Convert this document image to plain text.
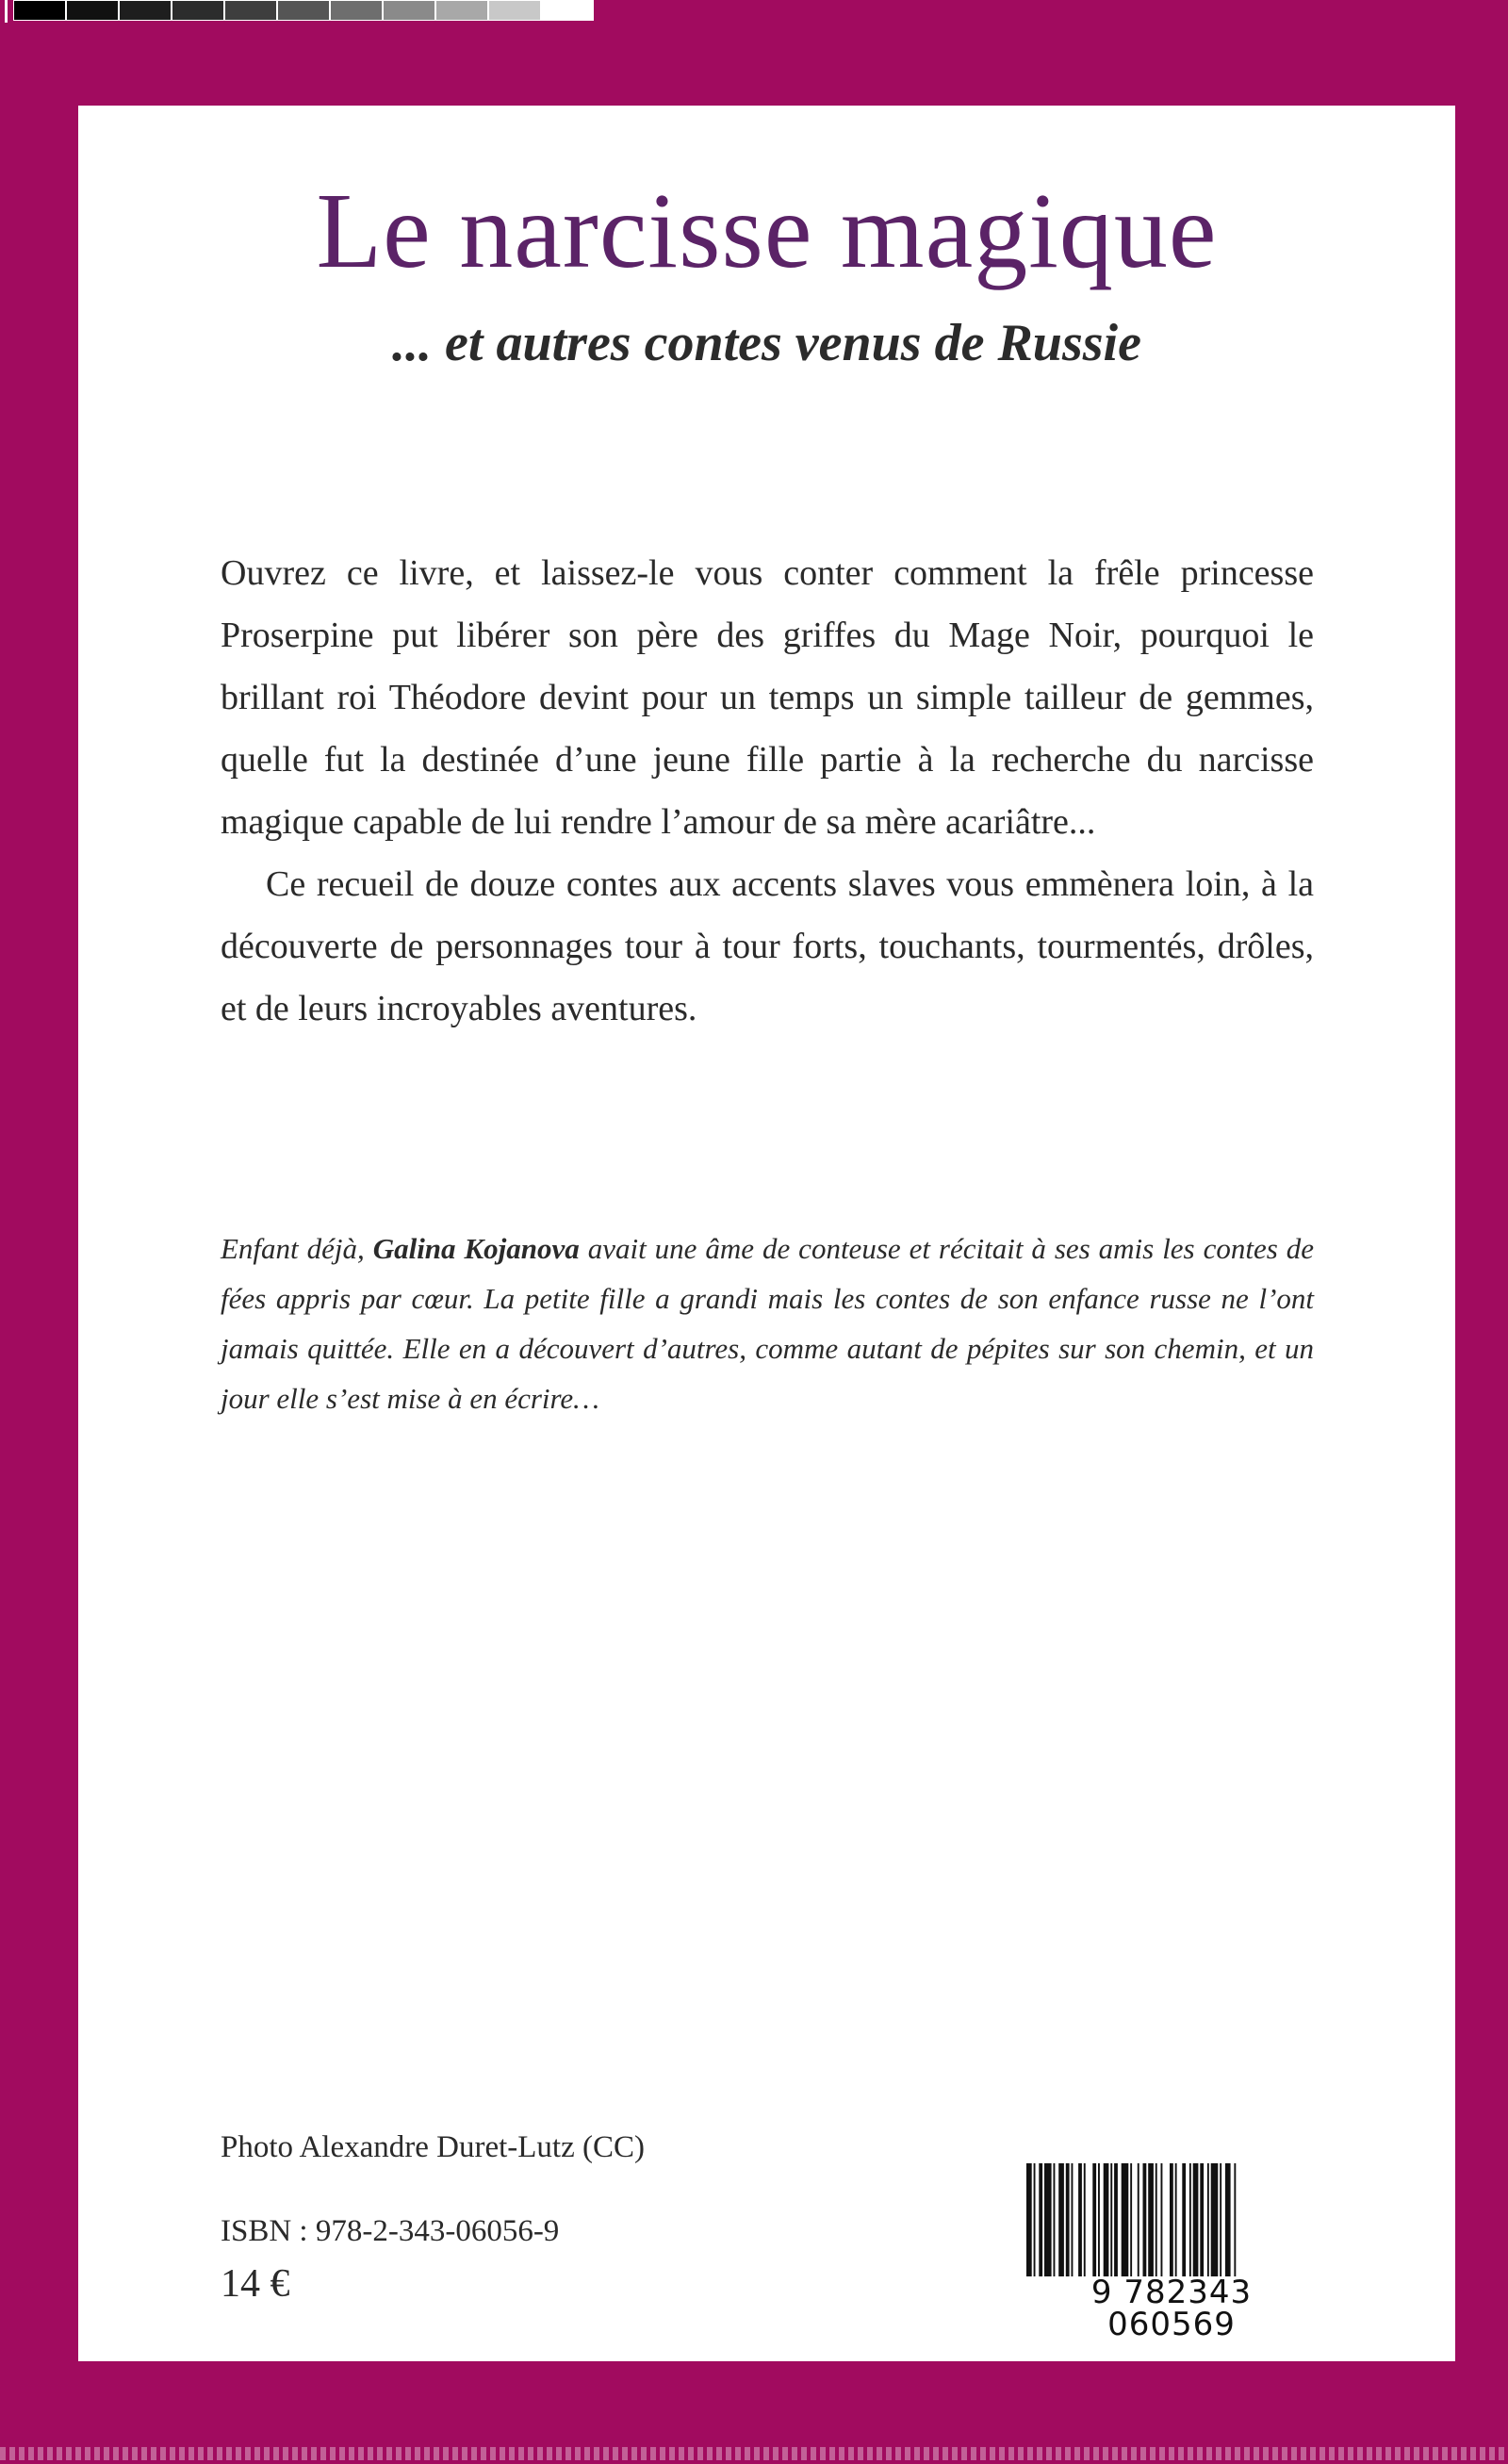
Le narcisse magique
... et autres contes venus de Russie

Ouvrez ce livre, et laissez-le vous conter comment la frêle princesse Proserpine put libérer son père des griffes du Mage Noir, pourquoi le brillant roi Théodore devint pour un temps un simple tailleur de gemmes, quelle fut la destinée d’une jeune fille partie à la recherche du narcisse magique capable de lui rendre l’amour de sa mère acariâtre...

Ce recueil de douze contes aux accents slaves vous emmènera loin, à la découverte de personnages tour à tour forts, touchants, tourmentés, drôles, et de leurs incroyables aventures.

Enfant déjà, Galina Kojanova avait une âme de conteuse et récitait à ses amis les contes de fées appris par cœur. La petite fille a grandi mais les contes de son enfance russe ne l’ont jamais quittée. Elle en a découvert d’autres, comme autant de pépites sur son chemin, et un jour elle s’est mise à en écrire…

Photo Alexandre Duret-Lutz (CC)
ISBN : 978-2-343-06056-9
14 €	9 782343 060569
